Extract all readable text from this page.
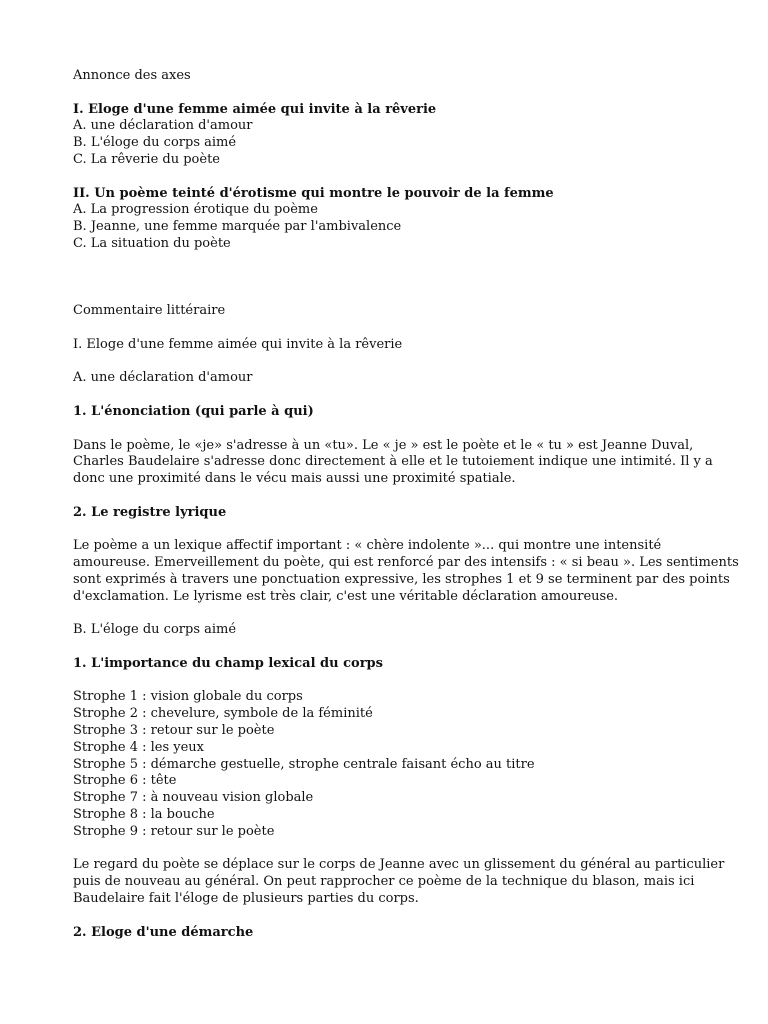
Annonce des axes
I. Eloge d'une femme aimée qui invite à la rêverie
A. une déclaration d'amour
B. L'éloge du corps aimé
C. La rêverie du poète
II. Un poème teinté d'érotisme qui montre le pouvoir de la femme
A. La progression érotique du poème
B. Jeanne, une femme marquée par l'ambivalence
C. La situation du poète
Commentaire littéraire
I. Eloge d'une femme aimée qui invite à la rêverie
A. une déclaration d'amour
1. L'énonciation (qui parle à qui)
Dans le poème, le «je» s'adresse à un «tu». Le « je » est le poète et le « tu » est Jeanne Duval,
Charles Baudelaire s'adresse donc directement à elle et le tutoiement indique une intimité. Il y a
donc une proximité dans le vécu mais aussi une proximité spatiale.
2. Le registre lyrique
Le poème a un lexique affectif important : « chère indolente »... qui montre une intensité
amoureuse. Emerveillement du poète, qui est renforcé par des intensifs : « si beau ». Les sentiments
sont exprimés à travers une ponctuation expressive, les strophes 1 et 9 se terminent par des points
d'exclamation. Le lyrisme est très clair, c'est une véritable déclaration amoureuse.
B. L'éloge du corps aimé
1. L'importance du champ lexical du corps
Strophe 1 : vision globale du corps
Strophe 2 : chevelure, symbole de la féminité
Strophe 3 : retour sur le poète
Strophe 4 : les yeux
Strophe 5 : démarche gestuelle, strophe centrale faisant écho au titre
Strophe 6 : tête
Strophe 7 : à nouveau vision globale
Strophe 8 : la bouche
Strophe 9 : retour sur le poète
Le regard du poète se déplace sur le corps de Jeanne avec un glissement du général au particulier
puis de nouveau au général. On peut rapprocher ce poème de la technique du blason, mais ici
Baudelaire fait l'éloge de plusieurs parties du corps.
2. Eloge d'une démarche
